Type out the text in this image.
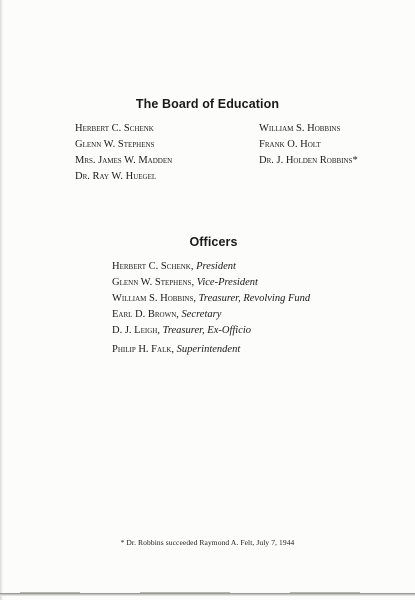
The Board of Education
Herbert C. Schenk
Glenn W. Stephens
Mrs. James W. Madden
Dr. Ray W. Huegel
William S. Hobbins
Frank O. Holt
Dr. J. Holden Robbins*
Officers
Herbert C. Schenk, President
Glenn W. Stephens, Vice-President
William S. Hobbins, Treasurer, Revolving Fund
Earl D. Brown, Secretary
D. J. Leigh, Treasurer, Ex-Officio
Philip H. Falk, Superintendent
* Dr. Robbins succeeded Raymond A. Felt, July 7, 1944
